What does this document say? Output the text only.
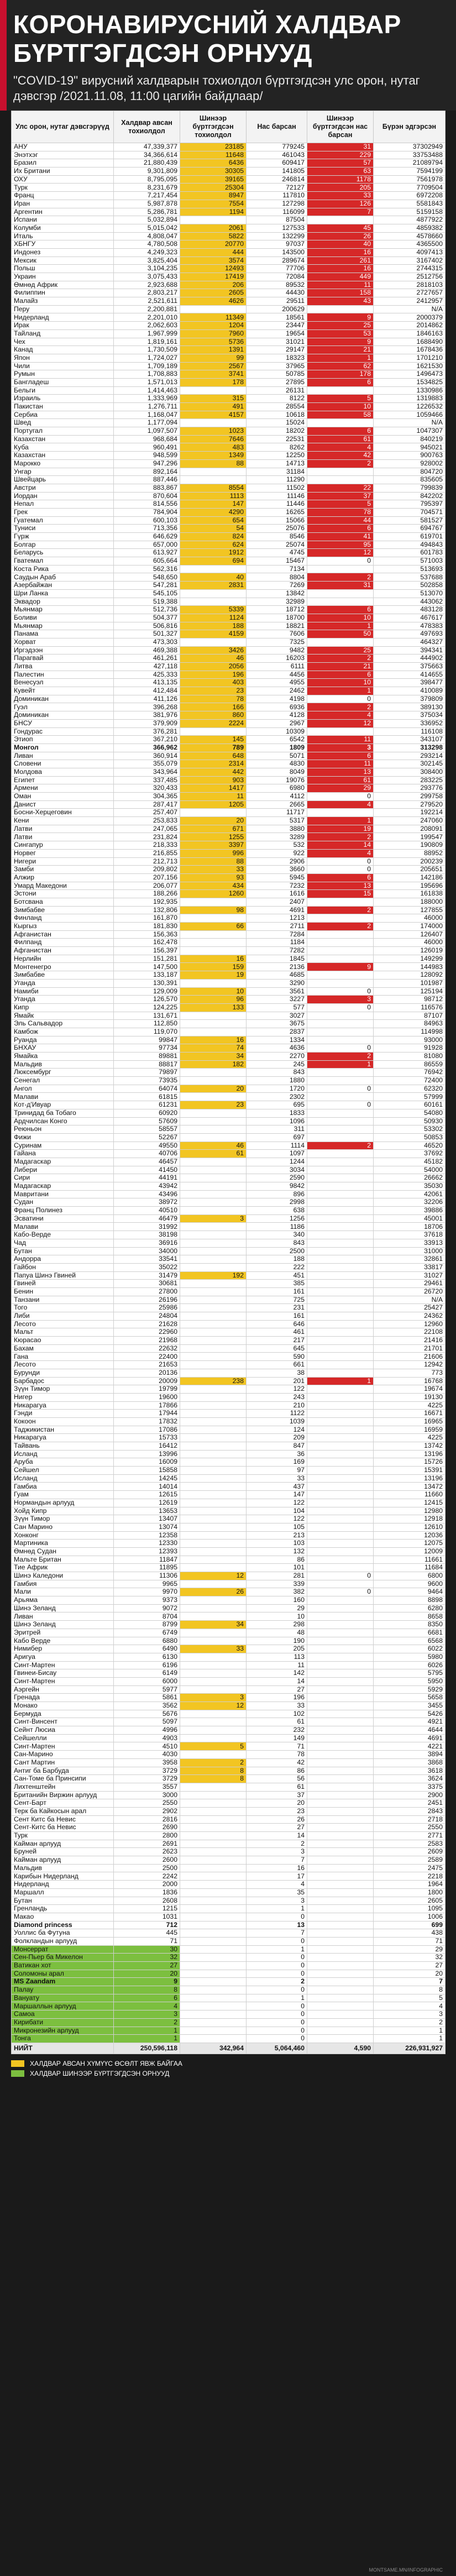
КОРОНАВИРУСНИЙ ХАЛДВАР
БҮРТГЭГДСЭН ОРНУУД
"COVID-19" вирусний халдварын тохиолдол бүртгэгдсэн улс орон, нутаг дэвсгэр /2021.11.08, 11:00 цагийн байдлаар/
Улс орон, нутаг дэвсгэрүүд	Халдвар авсан тохиолдол	Шинээр бүртгэгдсэн тохиолдол	Нас барсан	Шинээр бүртгэгдсэн нас барсан	Бүрэн эдгэрсэн
АНУ	47,339,377	23185	779245	31	37302949
Энэтхэг	34,366,614	11648	461043	229	33753488
Бразил	21,880,439	6436	609417	57	21089794
Их Британи	9,301,809	30305	141805	63	7594199
ОХУ	8,795,095	39165	246814	1178	7561978
Турк	8,231,679	25304	72127	205	7709504
Франц	7,217,454	8947	117810	33	6972208
Иран	5,987,878	7554	127298	126	5581843
Аргентин	5,286,781	1194	116099	7	5159158
Испани	5,032,894		87504		4877922
Колумби	5,015,042	2061	127533	45	4859382
Италь	4,808,047	5822	132299	26	4578660
ХБНГУ	4,780,508	20770	97037	40	4365500
Индонез	4,249,323	444	143500	16	4097413
Мексик	3,825,404	3574	289674	261	3167402
Польш	3,104,235	12493	77706	16	2744315
Украин	3,075,433	17419	72084	449	2512756
Өмнөд Африк	2,923,688	206	89532	11	2818103
Филиппин	2,803,217	2605	44430	158	2727657
Малайз	2,521,611	4626	29511	43	2412957
Перу	2,200,881		200629		N/A
Нидерланд	2,201,010	11349	18561	9	2000379
Ирак	2,062,603	1204	23447	25	2014862
Тайланд	1,967,999	7960	19654	53	1846163
Чех	1,819,161	5736	31021	9	1688490
Канад	1,730,509	1391	29147	21	1678436
Япон	1,724,027	99	18323	1	1701210
Чили	1,709,189	2567	37965	62	1621530
Румын	1,708,883	3741	50785	178	1496473
Бангладеш	1,571,013	178	27895	6	1534825
Бельги	1,414,463		26131		1330986
Израиль	1,333,969	315	8122	5	1319883
Пакистан	1,276,711	491	28554	10	1226532
Сербиа	1,168,047	4157	10618	58	1059466
Швед	1,177,094		15024		N/A
Португал	1,097,507	1023	18202	6	1047307
Казахстан	968,684	7646	22531	61	840219
Куба	960,491	483	8262	4	945021
Казахстан	948,599	1349	12250	42	900763
Марокко	947,296	88	14713	2	928002
Унгар	892,164		31184		804720
Швейцарь	887,446		11290		835605
Австри	883,867	8554	11502	22	799839
Иордан	870,604	1113	11146	37	842202
Непал	814,556	147	11446	5	795397
Грек	784,904	4290	16265	78	704571
Гуатемал	600,103	654	15066	44	581527
Туниси	713,356	54	25076	6	694767
Гүрж	646,629	824	8546	41	619701
Болгар	657,000	624	25074	95	494843
Беларусь	613,927	1912	4745	12	601783
Гватемал	605,664	694	15467	0	571003
Коста Рика	562,316		7134		513693
Саудын Араб	548,650	40	8804	2	537688
Азербайжан	547,281	2831	7269	31	502858
Шри Ланка	545,105		13842		513070
Эквадор	519,388		32989		443062
Мьянмар	512,736	5339	18712	6	483128
Боливи	504,377	1124	18700	10	467617
Мьянмар	506,816	188	18821	1	478383
Панама	501,327	4159	7606	50	497693
Хорват	473,303		7325		464327
Иргэдээн	469,388	3426	9482	25	394341
Парагвай	461,261	46	16203	2	444902
Литва	427,118	2056	6111	21	375663
Палестин	425,333	196	4456	6	414655
Венесуэл	413,135	403	4955	10	398477
Кувейт	412,484	23	2462	1	410089
Доминикан	411,126	78	4198	0	379809
Гуэл	396,268	166	6936	2	389130
Доминикан	381,976	860	4128	4	375034
БНСУ	379,909	2224	2967	12	336952
Гондурас	376,281		10309		116108
Этиоп	367,210	145	6542	11	343107
Монгол	366,962	789	1809	3	313298
Ливан	360,914	648	5071	6	293214
Словени	355,079	2314	4830	11	302145
Молдова	343,964	442	8049	13	308400
Египет	337,485	903	19076	61	283225
Армени	320,433	1417	6980	29	293776
Оман	304,365	11	4112	0	299758
Данист	287,417	1205	2665	4	279520
Босни-Херцеговин	257,407		11717		192214
Кени	253,833	20	5317	1	247060
Латви	247,065	671	3880	19	208091
Латви	231,824	1255	3289	2	199547
Сингапур	218,333	3397	532	14	190809
Норвег	216,855	996	922	4	88952
Нигери	212,713	88	2906	0	200239
Замби	209,802	33	3660	0	205651
Алжир	207,156	93	5945	6	142186
Умард Македони	206,077	434	7232	13	195696
Эстони	188,266	1260	1616	15	161838
Ботсвана	192,935		2407		188000
Зимбабве	132,806	98	4691	2	127855
Финланд	161,870		1213		46000
Кыргыз	181,830	66	2711	2	174000
Афганистан	156,363		7284		126407
Филпанд	162,478		1184		46000
Афганистан	156,397		7282		126019
Нерлийн	151,281	16	1845		149299
Монтенегро	147,500	159	2136	9	144983
Зимбабве	133,187	19	4685		128092
Уганда	130,391		3290		101987
Намиби	129,009	10	3561	0	125194
Уганда	126,570	96	3227	3	98712
Кипр	124,225	133	577	0	116576
Ямайк	131,671		3027		87107
Эль Сальвадор	112,850		3675		84963
Камбож	119,070		2837		114998
Руанда	99847	16	1334		93000
БНХАУ	97734	74	4636	0	91928
Ямайка	89881	34	2270	2	81080
Мальдив	88817	182	245	1	86559
Люксембург	79897		843		76942
Сенегал	73935		1880		72400
Ангол	64074	20	1720	0	62320
Малави	61815		2302		57999
Кот-д'Ивуар	61231	23	695	0	60161
Тринидад ба Тобаго	60920		1833		54080
Ардчилсан Конго	57609		1096		50930
Реюньон	58557		311		53302
Фижи	52267		697		50853
Суринам	49550	46	1114	2	46520
Гайана	40706	61	1097		37692
Мадагаскар	46457		1244		45182
Либери	41450		3034		54000
Сири	44191		2590		26662
Мадагаскар	43942		9842		35030
Мавритани	43496		896		42061
Судан	38972		2998		32206
Франц Полинез	40510		638		39886
Эсватини	46479	3	1256		45001
Малави	31992		1186		18706
Кабо-Верде	38198		340		37618
Чад	36916		843		33913
Бутан	34000		2500		31000
Андорра	33541		188		32861
Гайбон	35022		222		33817
Папуа Шинэ Гвиней	31479	192	451		31027
Гвиней	30681		385		29461
Бенин	27800		161		26720
Танзани	26196		725		N/A
Того	25986		231		25427
Либи	24804		161		24362
Лесото	21628		646		12960
Мальт	22960		461		22108
Кюрасао	21968		217		21416
Бахам	22632		645		21701
Гана	22400		590		21606
Лесото	21653		661		12942
Бурунди	20136		38		773
Барбадос	20009	238	201	1	16768
Зүүн Тимор	19799		122		19674
Нигер	19600		243		19130
Никарагуа	17866		210		4225
Гэнди	17944		1122		16671
Кокоон	17832		1039		16965
Таджикистан	17086		124		16959
Никарагуа	15733		209		4225
Тайвань	16412		847		13742
Исланд	13996		36		13196
Аруба	16009		169		15726
Сейшел	15858		97		15391
Исланд	14245		33		13196
Гамбиа	14014		437		13472
Гуам	12615		147		11660
Нормандын арлууд	12619		122		12415
Хойд Кипр	13653		104		12980
Зүүн Тимор	13407		122		12918
Сан Марино	13074		105		12610
Хонконг	12358		213		12036
Мартиника	12330		103		12075
Өмнөд Судан	12393		132		12009
Мальте Британ	11847		86		11661
Тие Африк	11895		101		11684
Шинэ Каледони	11306	12	281	0	6800
Гамбия	9965		339		9600
Мали	9970	26	382	0	9464
Арьяма	9373		160		8898
Шинэ Зеланд	9072		29		6280
Ливан	8704		10		8658
Шинэ Зеланд	8799	34	298		8350
Эритрей	6749		48		6681
Кабо Верде	6880		190		6568
Нимибер	6490	33	205		6022
Аригуа	6130		113		5980
Синт-Мартен	6196		11		6026
Гвинеи-Бисау	6149		142		5795
Синт-Мартен	6000		14		5950
Аэргейн	5977		27		5929
Гренада	5861	3	196		5658
Монако	3562	12	33		3455
Бермуда	5676		102		5426
Синт-Винсент	5097		61		4921
Сейнт Люсиа	4996		232		4644
Сейшелли	4903		149		4691
Синт-Мартен	4510	5	71		4221
Сан-Марино	4030		78		3894
Сант Мартин	3958	2	42		3868
Антиг ба Барбуда	3729	8	86		3618
Сан-Томе ба Принсипи	3729	8	56		3624
Лихтенштейн	3557		61		3375
Британийн Виржин арлууд	3000		37		2900
Сент-Барт	2550		20		2451
Терк ба Кайкосын арал	2902		23		2843
Сент Китс ба Невис	2816		26		2718
Сент-Китс ба Невис	2690		27		2550
Турк	2800		14		2771
Кайман арлууд	2691		2		2583
Бруней	2623		3		2609
Кайман арлууд	2600		7		2589
Мальдив	2500		16		2475
Карибын Нидерланд	2242		17		2218
Нидерланд	2000		4		1964
Маршалл	1836		35		1800
Бутан	2608		3		2605
Гренландь	1215		1		1095
Макао	1031		0		1006
Diamond princess	712		13		699
Уоллис ба Футуна	445		7		438
Фолкландын арлууд	71		0		71
Монсеррат	30		1		29
Сен-Пьер ба Микелон	32		0		32
Ватикан хот	27		0		27
Соломоны арал	20		0		20
MS Zaandam	9		2		7
Палау	8		0		8
Вануату	6		1		5
Маршаллын арлууд	4		0		4
Самоа	3		0		3
Кирибати	2		0		2
Микронезийн арлууд	1		0		1
Тонга	1		0		1
НИЙТ	250,596,118	342,964	5,064,460	4,590	226,931,927
ХАЛДВАР АВСАН ХҮМҮҮС ӨСӨЛТ ЯВЖ БАЙГАА
ХАЛДВАР ШИНЭЭР БҮРТГЭГДСЭН ОРНУУД
MONTSAME.MN/INFOGRAPHIC
